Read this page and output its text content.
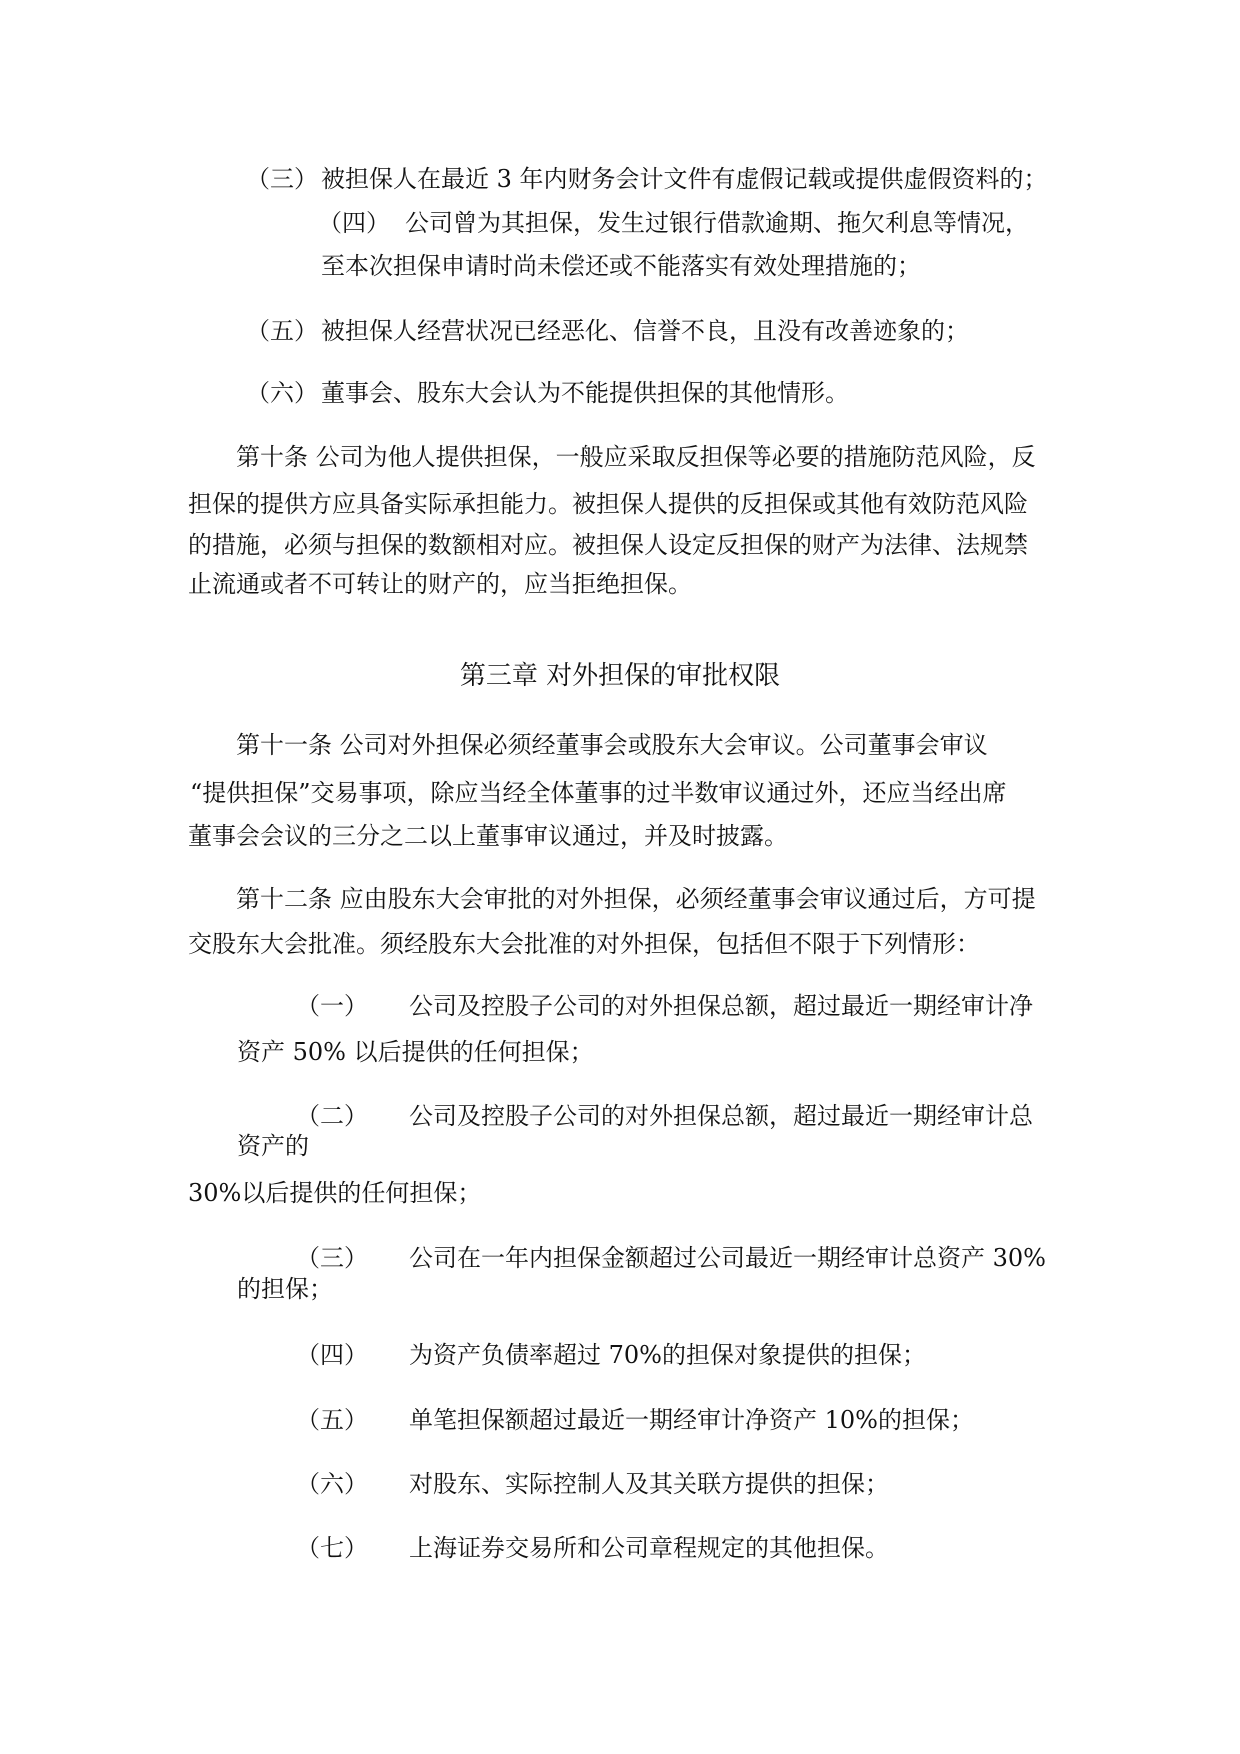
（三） 被担保人在最近 3 年内财务会计文件有虚假记载或提供虚假资料的；
（四） 公司曾为其担保，发生过银行借款逾期、拖欠利息等情况，
至本次担保申请时尚未偿还或不能落实有效处理措施的；
（五） 被担保人经营状况已经恶化、信誉不良，且没有改善迹象的；
（六） 董事会、股东大会认为不能提供担保的其他情形。
第十条 公司为他人提供担保，一般应采取反担保等必要的措施防范风险，反
担保的提供方应具备实际承担能力。被担保人提供的反担保或其他有效防范风险
的措施，必须与担保的数额相对应。被担保人设定反担保的财产为法律、法规禁
止流通或者不可转让的财产的，应当拒绝担保。
第三章 对外担保的审批权限
第十一条 公司对外担保必须经董事会或股东大会审议。公司董事会审议
“提供担保”交易事项，除应当经全体董事的过半数审议通过外，还应当经出席
董事会会议的三分之二以上董事审议通过，并及时披露。
第十二条 应由股东大会审批的对外担保，必须经董事会审议通过后，方可提
交股东大会批准。须经股东大会批准的对外担保，包括但不限于下列情形：
（一） 公司及控股子公司的对外担保总额，超过最近一期经审计净
资产 50% 以后提供的任何担保；
（二） 公司及控股子公司的对外担保总额，超过最近一期经审计总
资产的
30%以后提供的任何担保；
（三） 公司在一年内担保金额超过公司最近一期经审计总资产 30%
的担保；
（四） 为资产负债率超过 70%的担保对象提供的担保；
（五） 单笔担保额超过最近一期经审计净资产 10%的担保；
（六） 对股东、实际控制人及其关联方提供的担保；
（七） 上海证券交易所和公司章程规定的其他担保。
